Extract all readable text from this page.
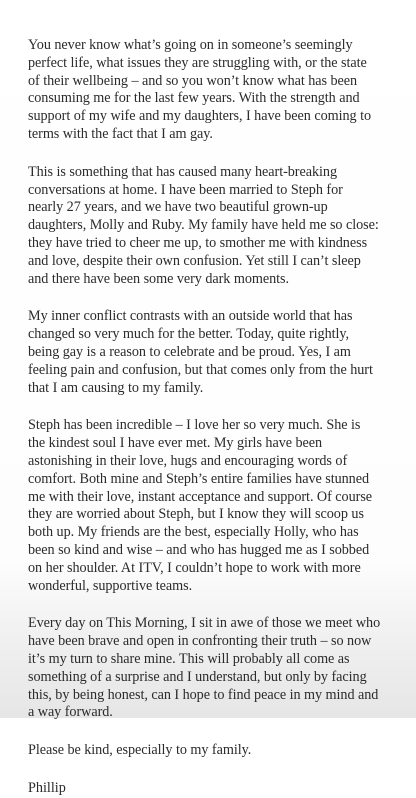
You never know what’s going on in someone’s seemingly
perfect life, what issues they are struggling with, or the state
of their wellbeing – and so you won’t know what has been
consuming me for the last few years. With the strength and
support of my wife and my daughters, I have been coming to
terms with the fact that I am gay.

This is something that has caused many heart-breaking
conversations at home. I have been married to Steph for
nearly 27 years, and we have two beautiful grown-up
daughters, Molly and Ruby. My family have held me so close:
they have tried to cheer me up, to smother me with kindness
and love, despite their own confusion. Yet still I can’t sleep
and there have been some very dark moments.

My inner conflict contrasts with an outside world that has
changed so very much for the better. Today, quite rightly,
being gay is a reason to celebrate and be proud. Yes, I am
feeling pain and confusion, but that comes only from the hurt
that I am causing to my family.

Steph has been incredible – I love her so very much. She is
the kindest soul I have ever met. My girls have been
astonishing in their love, hugs and encouraging words of
comfort. Both mine and Steph’s entire families have stunned
me with their love, instant acceptance and support. Of course
they are worried about Steph, but I know they will scoop us
both up. My friends are the best, especially Holly, who has
been so kind and wise – and who has hugged me as I sobbed
on her shoulder. At ITV, I couldn’t hope to work with more
wonderful, supportive teams.

Every day on This Morning, I sit in awe of those we meet who
have been brave and open in confronting their truth – so now
it’s my turn to share mine. This will probably all come as
something of a surprise and I understand, but only by facing
this, by being honest, can I hope to find peace in my mind and
a way forward.

Please be kind, especially to my family.

Phillip
